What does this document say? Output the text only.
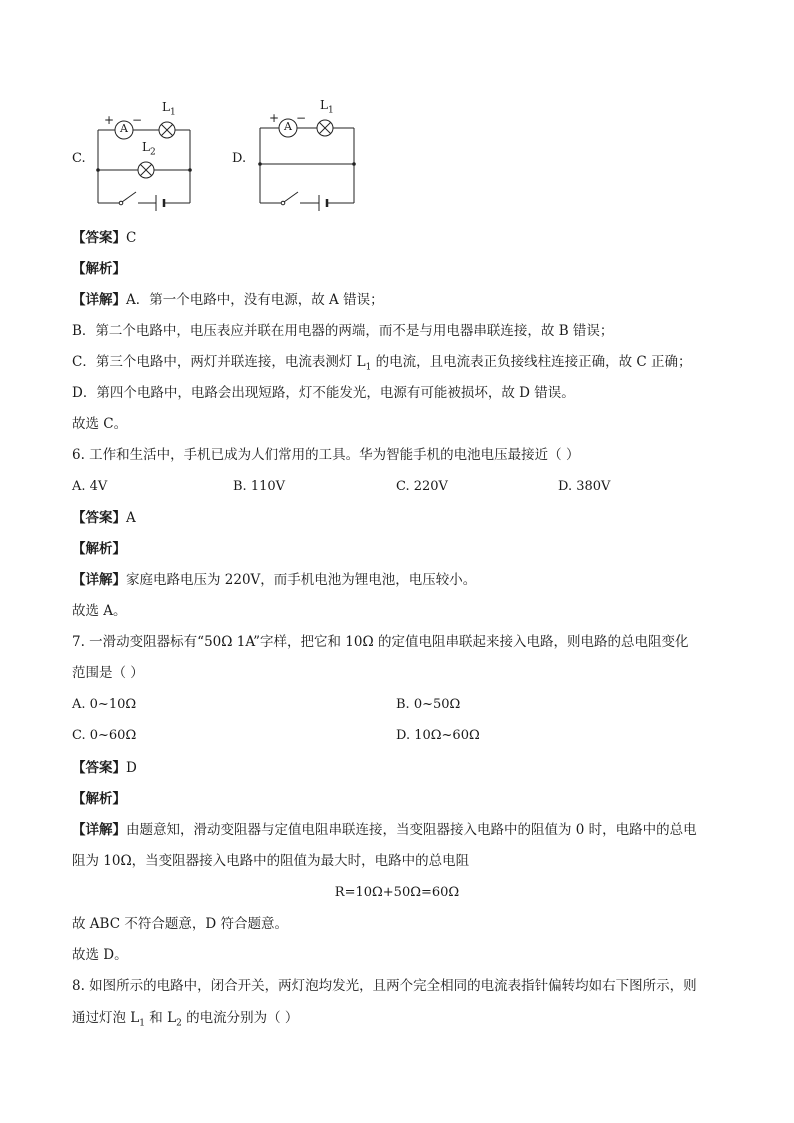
C.
+ −
$L_1$
$L_2$
A
D.
+ −
$L_1$
A
【答案】C
【解析】
【详解】A．第一个电路中，没有电源，故 A 错误；
B．第二个电路中，电压表应并联在用电器的两端，而不是与用电器串联连接，故 B 错误；
C．第三个电路中，两灯并联连接，电流表测灯 $L_1$ 的电流，且电流表正负接线柱连接正确，故 C 正确；
D．第四个电路中，电路会出现短路，灯不能发光，电源有可能被损坏，故 D 错误。
故选 C。
6. 工作和生活中，手机已成为人们常用的工具。华为智能手机的电池电压最接近（ ）
A. 4V	B. 110V	C. 220V	D. 380V
【答案】A
【解析】
【详解】家庭电路电压为 220V，而手机电池为锂电池，电压较小。
故选 A。
7. 一滑动变阻器标有“50Ω 1A”字样，把它和 10Ω 的定值电阻串联起来接入电路，则电路的总电阻变化
范围是（ ）
A. 0~10Ω	B. 0~50Ω
C. 0~60Ω	D. 10Ω~60Ω
【答案】D
【解析】
【详解】由题意知，滑动变阻器与定值电阻串联连接，当变阻器接入电路中的阻值为 0 时，电路中的总电
阻为 10Ω，当变阻器接入电路中的阻值为最大时，电路中的总电阻
R=10Ω+50Ω=60Ω
故 ABC 不符合题意，D 符合题意。
故选 D。
8. 如图所示的电路中，闭合开关，两灯泡均发光，且两个完全相同的电流表指针偏转均如右下图所示，则
通过灯泡 $L_1$ 和 $L_2$ 的电流分别为（ ）
